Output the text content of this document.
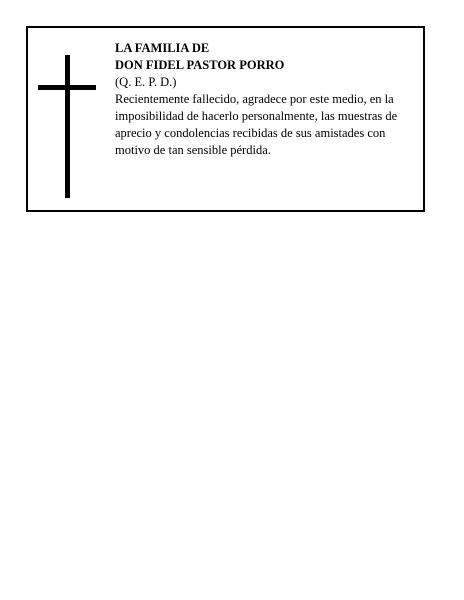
LA FAMILIA DE
DON FIDEL PASTOR PORRO
(Q. E. P. D.)
Recientemente fallecido, agradece por este medio, en la imposibilidad de hacerlo personalmente, las muestras de aprecio y condolencias recibidas de sus amistades con motivo de tan sensible pérdida.
